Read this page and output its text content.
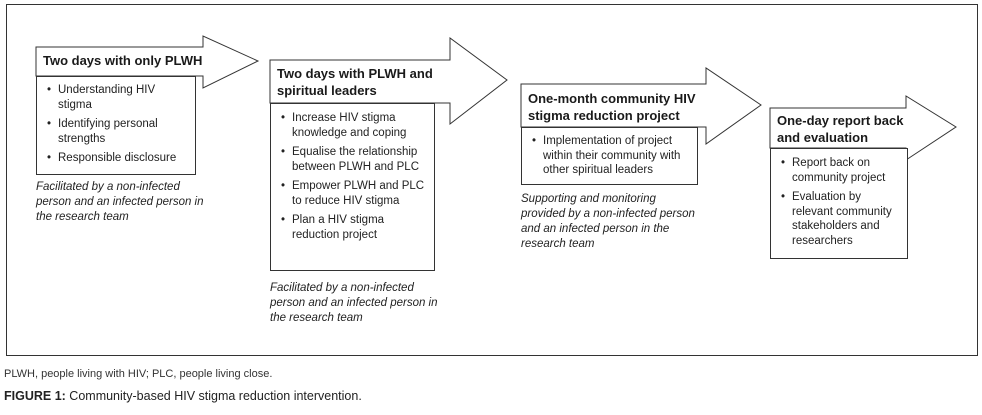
Two days with only PLWH
• Understanding HIV stigma
• Identifying personal strengths
• Responsible disclosure
Facilitated by a non-infected person and an infected person in the research team
Two days with PLWH and spiritual leaders
• Increase HIV stigma knowledge and coping
• Equalise the relationship between PLWH and PLC
• Empower PLWH and PLC to reduce HIV stigma
• Plan a HIV stigma reduction project
Facilitated by a non-infected person and an infected person in the research team
One-month community HIV stigma reduction project
• Implementation of project within their community with other spiritual leaders
Supporting and monitoring provided by a non-infected person and an infected person in the research team
One-day report back and evaluation
• Report back on community project
• Evaluation by relevant community stakeholders and researchers
PLWH, people living with HIV; PLC, people living close.
FIGURE 1: Community-based HIV stigma reduction intervention.
